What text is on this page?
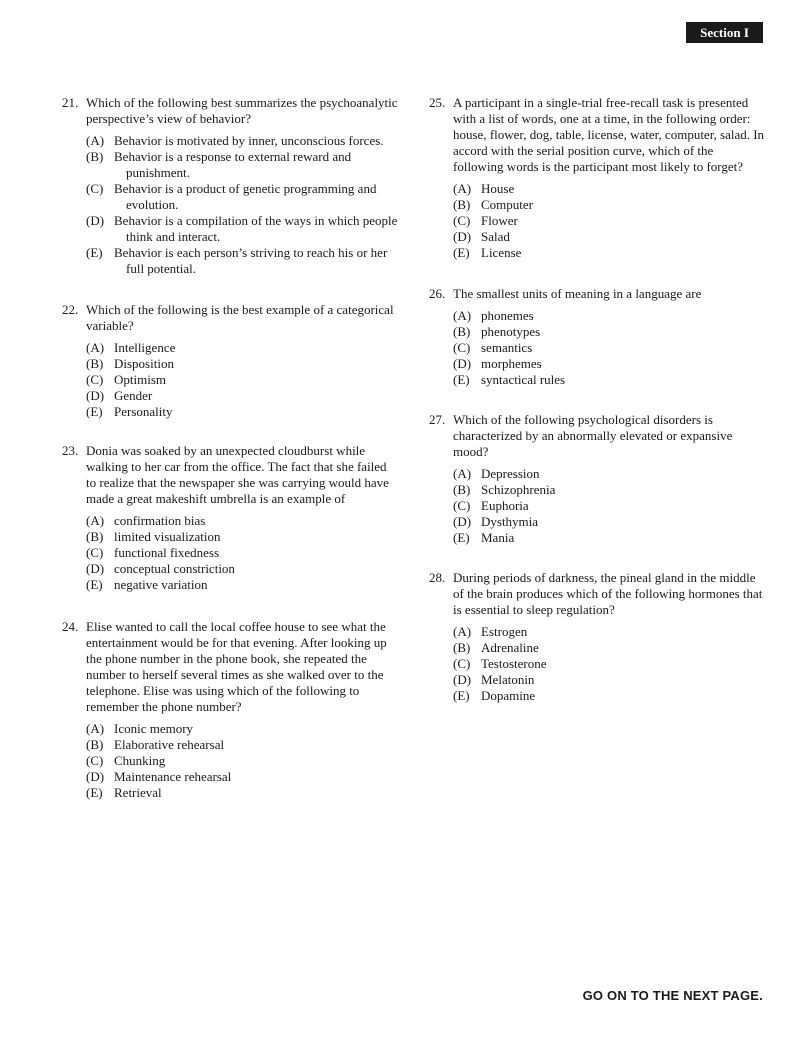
Section I
21. Which of the following best summarizes the psychoanalytic perspective’s view of behavior?
(A) Behavior is motivated by inner, unconscious forces.
(B) Behavior is a response to external reward and punishment.
(C) Behavior is a product of genetic programming and evolution.
(D) Behavior is a compilation of the ways in which people think and interact.
(E) Behavior is each person’s striving to reach his or her full potential.
22. Which of the following is the best example of a categorical variable?
(A) Intelligence
(B) Disposition
(C) Optimism
(D) Gender
(E) Personality
23. Donia was soaked by an unexpected cloudburst while walking to her car from the office. The fact that she failed to realize that the newspaper she was carrying would have made a great makeshift umbrella is an example of
(A) confirmation bias
(B) limited visualization
(C) functional fixedness
(D) conceptual constriction
(E) negative variation
24. Elise wanted to call the local coffee house to see what the entertainment would be for that evening. After looking up the phone number in the phone book, she repeated the number to herself several times as she walked over to the telephone. Elise was using which of the following to remember the phone number?
(A) Iconic memory
(B) Elaborative rehearsal
(C) Chunking
(D) Maintenance rehearsal
(E) Retrieval
25. A participant in a single-trial free-recall task is presented with a list of words, one at a time, in the following order: house, flower, dog, table, license, water, computer, salad. In accord with the serial position curve, which of the following words is the participant most likely to forget?
(A) House
(B) Computer
(C) Flower
(D) Salad
(E) License
26. The smallest units of meaning in a language are
(A) phonemes
(B) phenotypes
(C) semantics
(D) morphemes
(E) syntactical rules
27. Which of the following psychological disorders is characterized by an abnormally elevated or expansive mood?
(A) Depression
(B) Schizophrenia
(C) Euphoria
(D) Dysthymia
(E) Mania
28. During periods of darkness, the pineal gland in the middle of the brain produces which of the following hormones that is essential to sleep regulation?
(A) Estrogen
(B) Adrenaline
(C) Testosterone
(D) Melatonin
(E) Dopamine
GO ON TO THE NEXT PAGE.
